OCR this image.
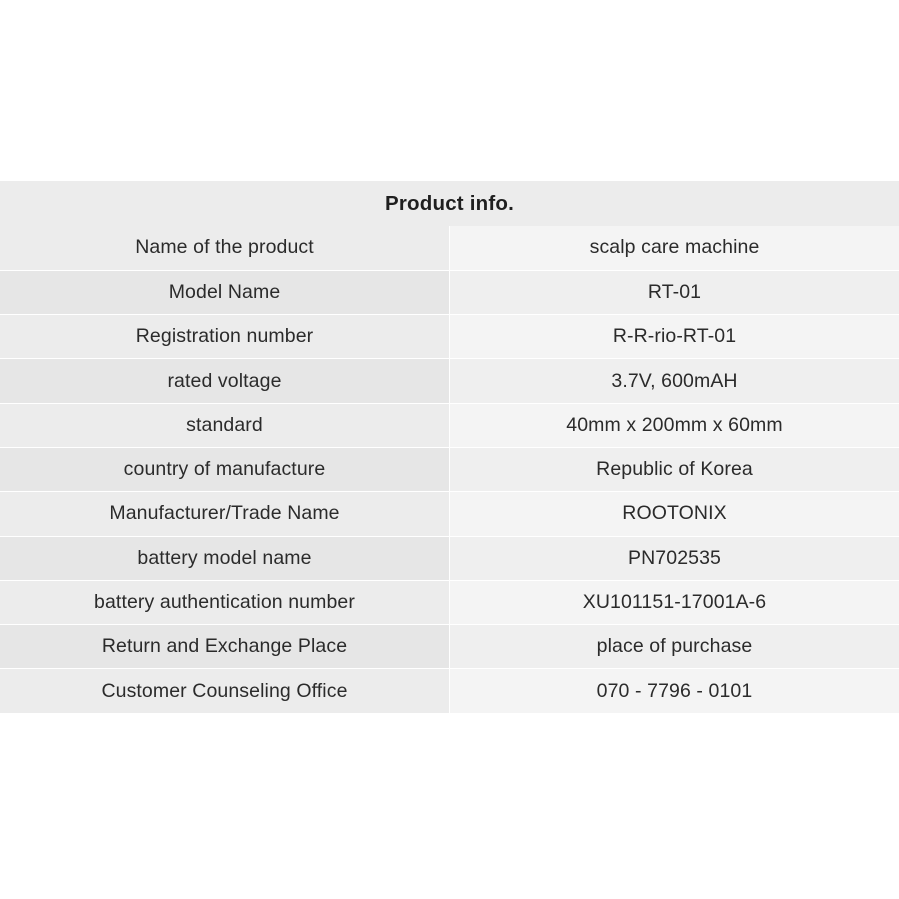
Product info.	
Name of the product	scalp care machine
Model Name	RT-01
Registration number	R-R-rio-RT-01
rated voltage	3.7V, 600mAH
standard	40mm x 200mm x 60mm
country of manufacture	Republic of Korea
Manufacturer/Trade Name	ROOTONIX
battery model name	PN702535
battery authentication number	XU101151-17001A-6
Return and Exchange Place	place of purchase
Customer Counseling Office	070 - 7796 - 0101
